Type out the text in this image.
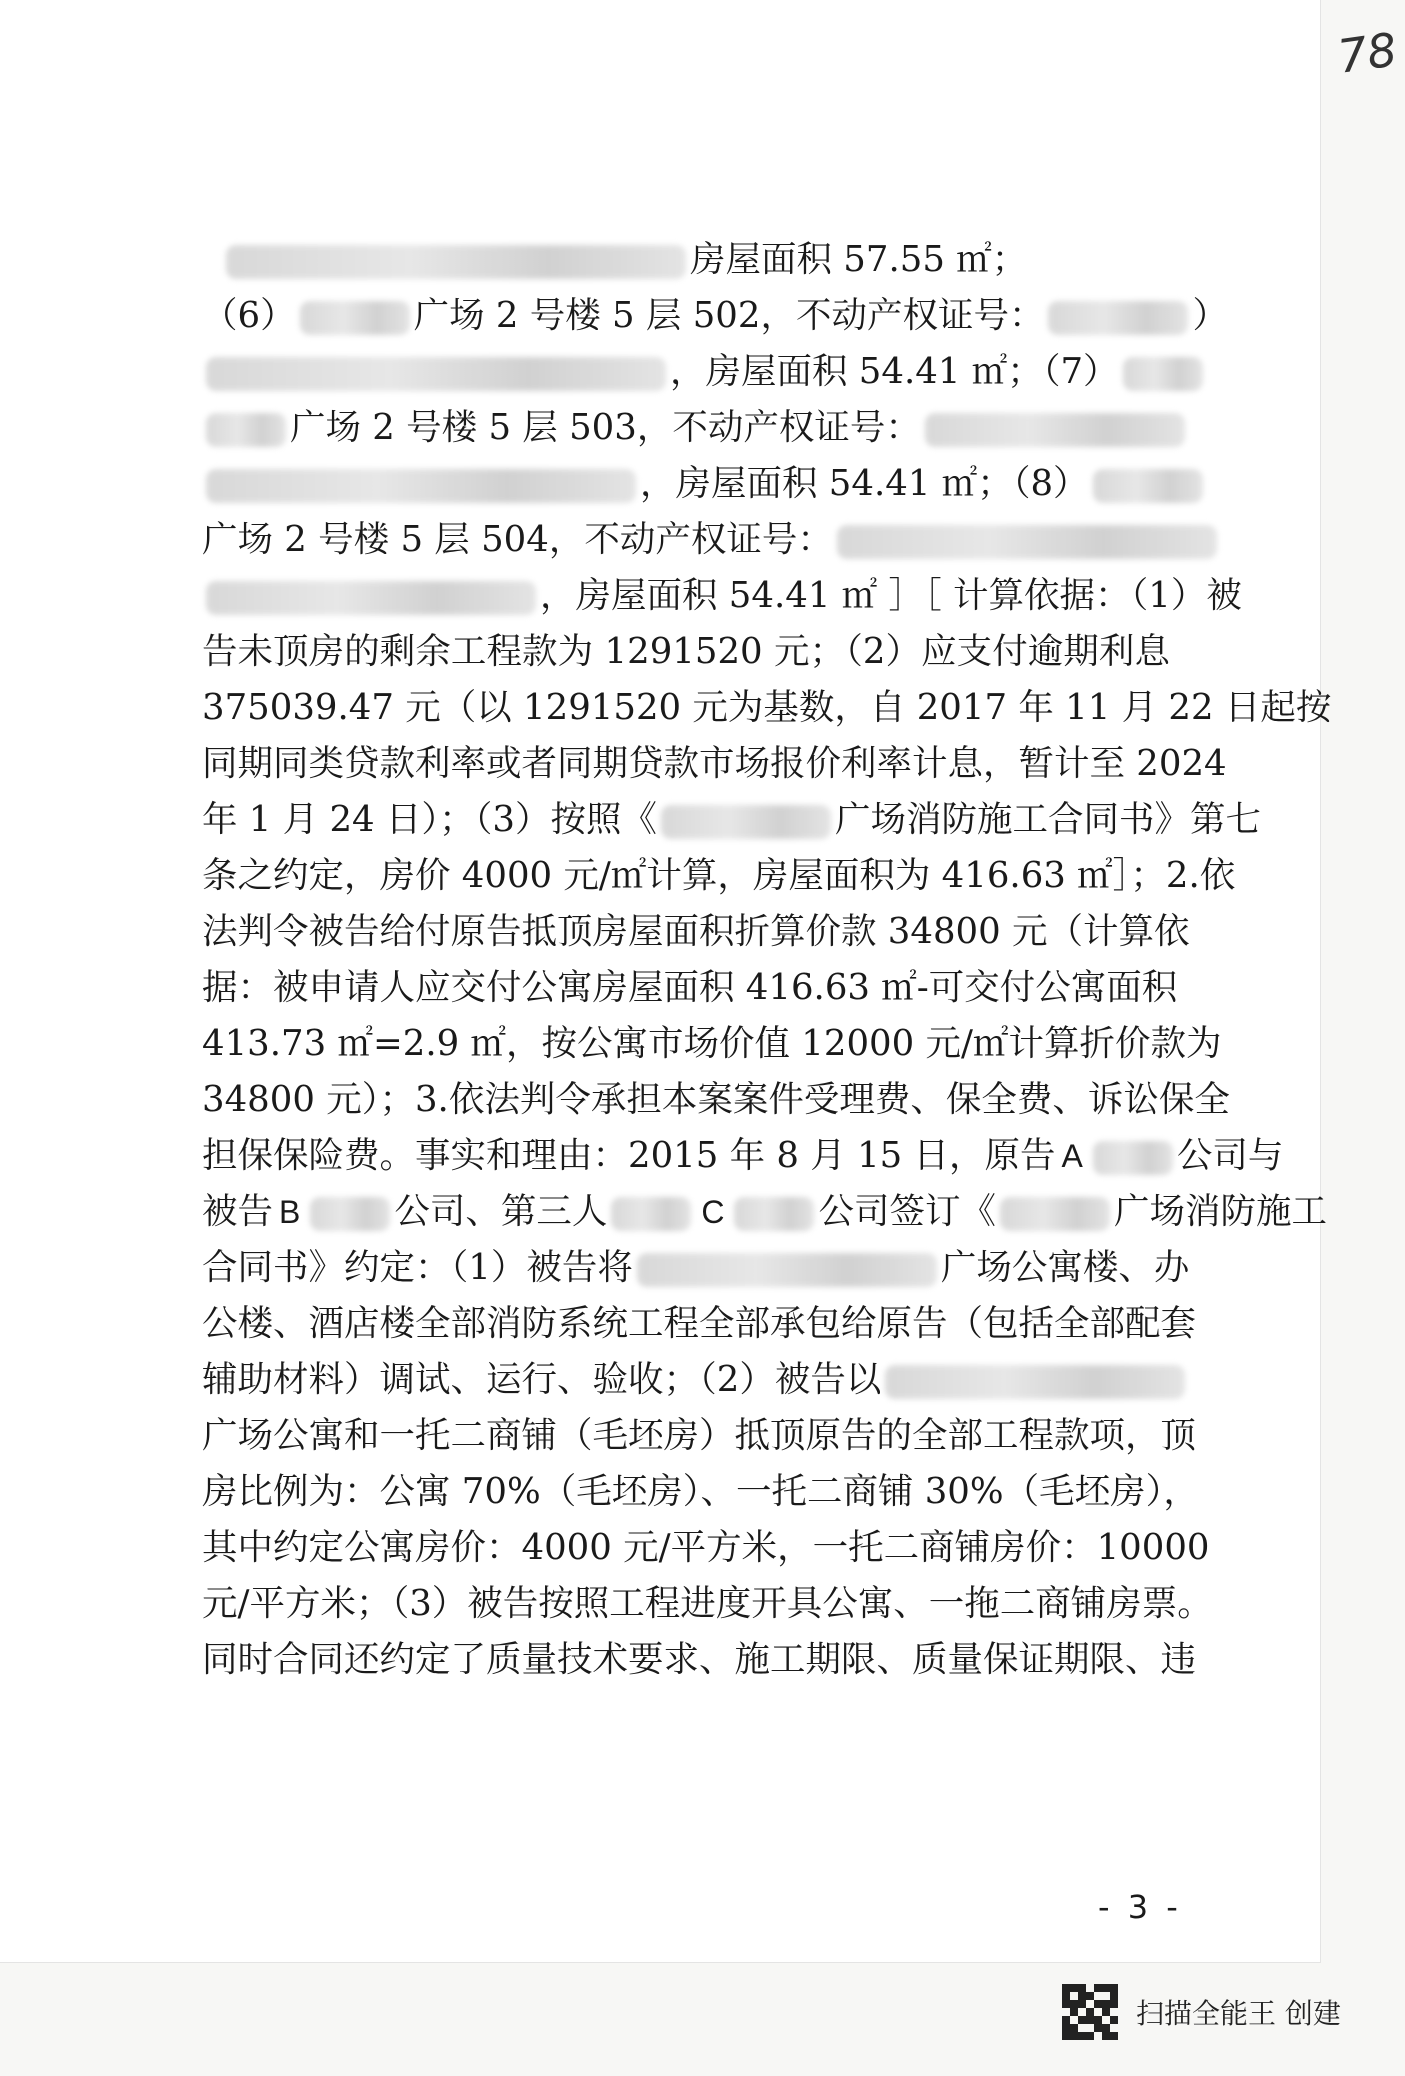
78
房屋面积 57.55 ㎡；
（6）	广场 2 号楼 5 层 502，不动产权证号：	）
，房屋面积 54.41 ㎡；（7）
广场 2 号楼 5 层 503，不动产权证号：
，房屋面积 54.41 ㎡；（8）
广场 2 号楼 5 层 504，不动产权证号：
，房屋面积 54.41 ㎡ ］［ 计算依据：（1）被
告未顶房的剩余工程款为 1291520 元；（2）应支付逾期利息
375039.47 元（以 1291520 元为基数，自 2017 年 11 月 22 日起按
同期同类贷款利率或者同期贷款市场报价利率计息，暂计至 2024
年 1 月 24 日）；（3）按照《	广场消防施工合同书》第七
条之约定，房价 4000 元/㎡计算，房屋面积为 416.63 ㎡］；2.依
法判令被告给付原告抵顶房屋面积折算价款 34800 元（计算依
据：被申请人应交付公寓房屋面积 416.63 ㎡-可交付公寓面积
413.73 ㎡=2.9 ㎡，按公寓市场价值 12000 元/㎡计算折价款为
34800 元）；3.依法判令承担本案案件受理费、保全费、诉讼保全
担保保险费。事实和理由：2015 年 8 月 15 日，原告 A	公司与
被告 B	公司、第三人	C	公司签订《	广场消防施工
合同书》约定：（1）被告将	广场公寓楼、办
公楼、酒店楼全部消防系统工程全部承包给原告（包括全部配套
辅助材料）调试、运行、验收；（2）被告以
广场公寓和一托二商铺（毛坯房）抵顶原告的全部工程款项，顶
房比例为：公寓 70%（毛坯房）、一托二商铺 30%（毛坯房），
其中约定公寓房价：4000 元/平方米，一托二商铺房价：10000
元/平方米；（3）被告按照工程进度开具公寓、一拖二商铺房票。
同时合同还约定了质量技术要求、施工期限、质量保证期限、违
- 3 -
扫描全能王 创建
